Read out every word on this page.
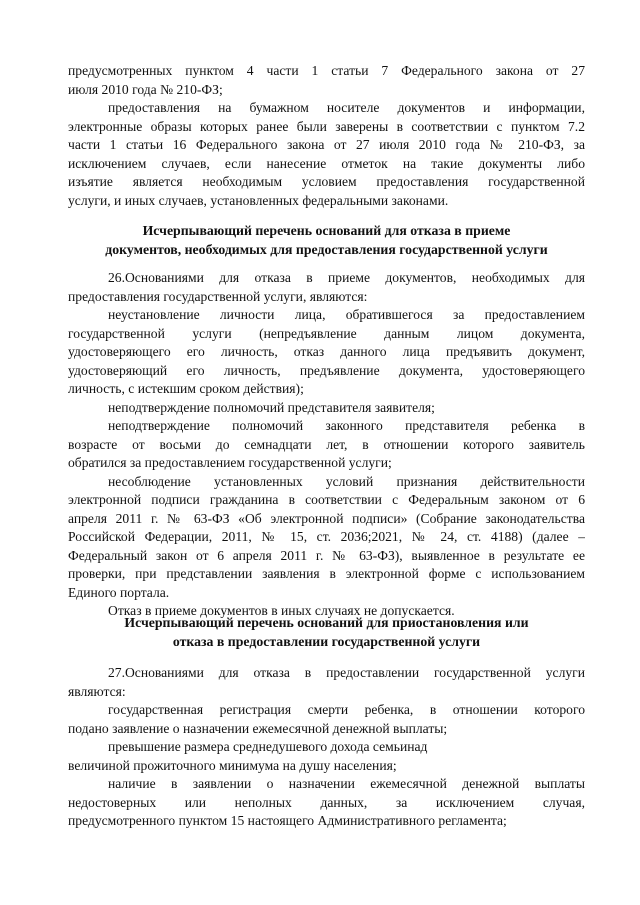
предусмотренных пунктом 4 части 1 статьи 7 Федерального закона от 27
июля 2010 года № 210-ФЗ;
предоставления на бумажном носителе документов и информации,
электронные образы которых ранее были заверены в соответствии с пунктом 7.2
части 1 статьи 16 Федерального закона от 27 июля 2010 года № 210-ФЗ, за
исключением случаев, если нанесение отметок на такие документы либо
изъятие является необходимым условием предоставления государственной
услуги, и иных случаев, установленных федеральными законами.
Исчерпывающий перечень оснований для отказа в приеме
документов, необходимых для предоставления государственной услуги
26.Основаниями для отказа в приеме документов, необходимых для
предоставления государственной услуги, являются:
неустановление личности лица, обратившегося за предоставлением
государственной услуги (непредъявление данным лицом документа,
удостоверяющего его личность, отказ данного лица предъявить документ,
удостоверяющий его личность, предъявление документа, удостоверяющего
личность, с истекшим сроком действия);
неподтверждение полномочий представителя заявителя;
неподтверждение полномочий законного представителя ребенка в
возрасте от восьми до семнадцати лет, в отношении которого заявитель
обратился за предоставлением государственной услуги;
несоблюдение установленных условий признания действительности
электронной подписи гражданина в соответствии с Федеральным законом от 6
апреля 2011 г. № 63-ФЗ «Об электронной подписи» (Собрание законодательства
Российской Федерации, 2011, № 15, ст. 2036;2021, № 24, ст. 4188) (далее –
Федеральный закон от 6 апреля 2011 г. № 63-ФЗ), выявленное в результате ее
проверки, при представлении заявления в электронной форме с использованием
Единого портала.
Отказ в приеме документов в иных случаях не допускается.
Исчерпывающий перечень оснований для приостановления или
отказа в предоставлении государственной услуги
27.Основаниями для отказа в предоставлении государственной услуги
являются:
государственная регистрация смерти ребенка, в отношении которого
подано заявление о назначении ежемесячной денежной выплаты;
превышение размера среднедушевого дохода семьинад
величиной прожиточного минимума на душу населения;
наличие в заявлении о назначении ежемесячной денежной выплаты
недостоверных или неполных данных, за исключением случая,
предусмотренного пунктом 15 настоящего Административного регламента;
